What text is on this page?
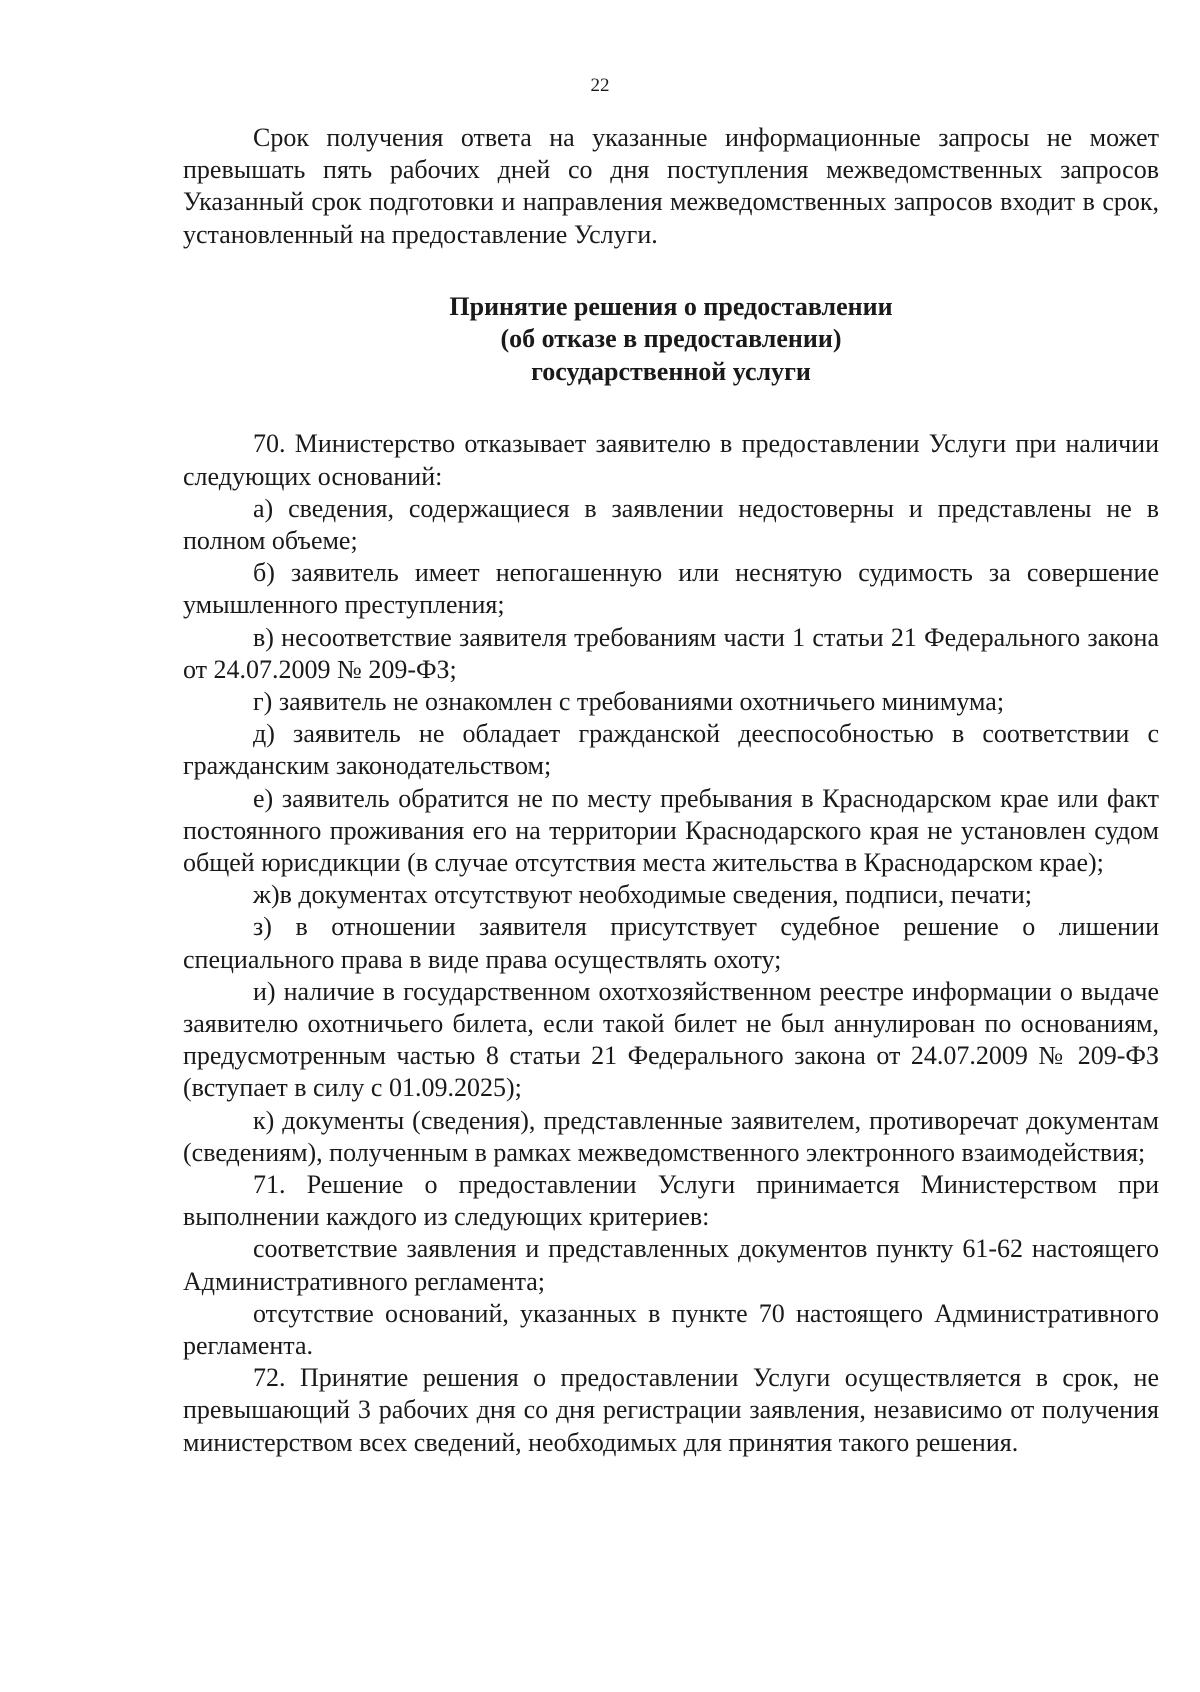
22

Срок получения ответа на указанные информационные запросы не может превышать пять рабочих дней со дня поступления межведомственных запросов Указанный срок подготовки и направления межведомственных запросов входит в срок, установленный на предоставление Услуги.

Принятие решения о предоставлении
(об отказе в предоставлении)
государственной услуги

70. Министерство отказывает заявителю в предоставлении Услуги при наличии следующих оснований:

а) сведения, содержащиеся в заявлении недостоверны и представлены не в полном объеме;

б) заявитель имеет непогашенную или неснятую судимость за совершение умышленного преступления;

в) несоответствие заявителя требованиям части 1 статьи 21 Федерального закона от 24.07.2009 № 209-ФЗ;

г) заявитель не ознакомлен с требованиями охотничьего минимума;

д) заявитель не обладает гражданской дееспособностью в соответствии с гражданским законодательством;

е) заявитель обратится не по месту пребывания в Краснодарском крае или факт постоянного проживания его на территории Краснодарского края не установлен судом общей юрисдикции (в случае отсутствия места жительства в Краснодарском крае);

ж)в документах отсутствуют необходимые сведения, подписи, печати;

з) в отношении заявителя присутствует судебное решение о лишении специального права в виде права осуществлять охоту;

и) наличие в государственном охотхозяйственном реестре информации о выдаче заявителю охотничьего билета, если такой билет не был аннулирован по основаниям, предусмотренным частью 8 статьи 21 Федерального закона от 24.07.2009 № 209-ФЗ (вступает в силу с 01.09.2025);

к) документы (сведения), представленные заявителем, противоречат документам (сведениям), полученным в рамках межведомственного электронного взаимодействия;

71. Решение о предоставлении Услуги принимается Министерством при выполнении каждого из следующих критериев:

соответствие заявления и представленных документов пункту 61-62 настоящего Административного регламента;

отсутствие оснований, указанных в пункте 70 настоящего Административного регламента.

72. Принятие решения о предоставлении Услуги осуществляется в срок, не превышающий 3 рабочих дня со дня регистрации заявления, независимо от получения министерством всех сведений, необходимых для принятия такого решения.
